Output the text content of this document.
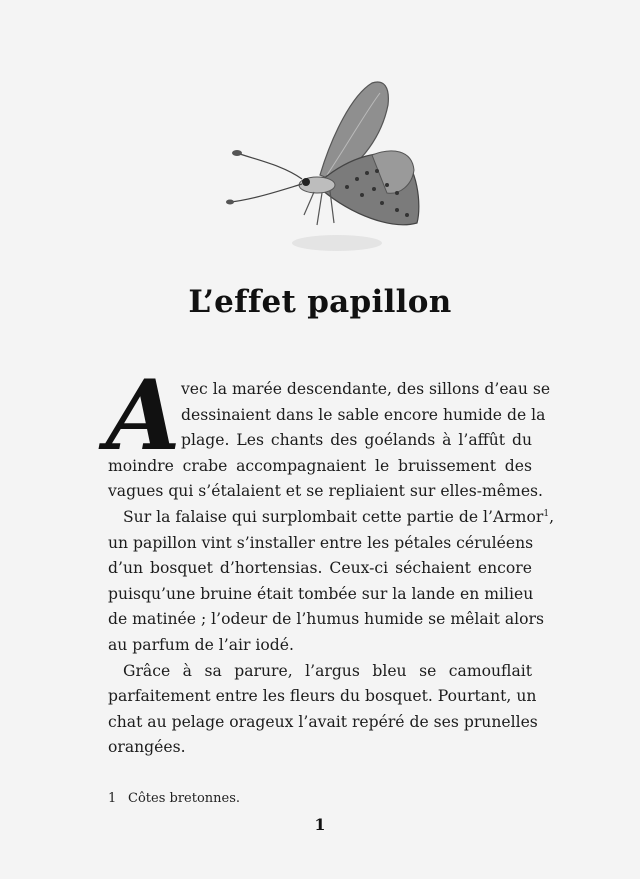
L’effet papillon
A vec la marée descendante, des sillons d’eau se
dessinaient dans le sable encore humide de la
plage. Les chants des goélands à l’affût du
moindre crabe accompagnaient le bruissement des
vagues qui s’étalaient et se repliaient sur elles-mêmes.
Sur la falaise qui surplombait cette partie de l’Armor$^1$,
un papillon vint s’installer entre les pétales céruléens
d’un bosquet d’hortensias. Ceux-ci séchaient encore
puisqu’une bruine était tombée sur la lande en milieu
de matinée ; l’odeur de l’humus humide se mêlait alors
au parfum de l’air iodé.
Grâce à sa parure, l’argus bleu se camouflait
parfaitement entre les fleurs du bosquet. Pourtant, un
chat au pelage orageux l’avait repéré de ses prunelles
orangées.
1 Côtes bretonnes.
1
